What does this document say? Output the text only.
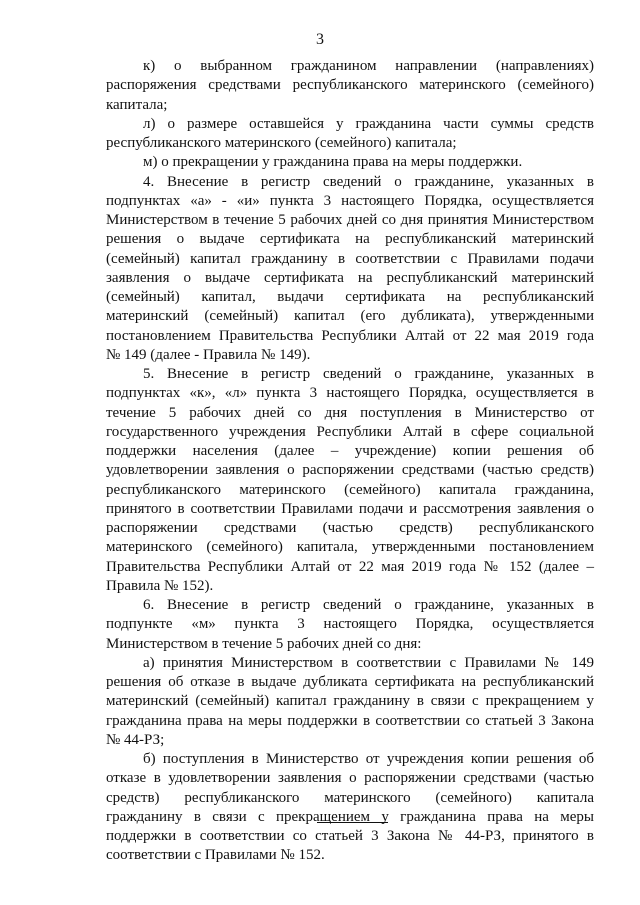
3

к) о выбранном гражданином направлении (направлениях)
распоряжения средствами республиканского материнского (семейного)
капитала;

л) о размере оставшейся у гражданина части суммы средств
республиканского материнского (семейного) капитала;

м) о прекращении у гражданина права на меры поддержки.

4. Внесение в регистр сведений о гражданине, указанных в
подпунктах «а» - «и» пункта 3 настоящего Порядка, осуществляется
Министерством в течение 5 рабочих дней со дня принятия Министерством
решения о выдаче сертификата на республиканский материнский
(семейный) капитал гражданину в соответствии с Правилами подачи
заявления о выдаче сертификата на республиканский материнский
(семейный) капитал, выдачи сертификата на республиканский
материнский (семейный) капитал (его дубликата), утвержденными
постановлением Правительства Республики Алтай от 22 мая 2019 года
№ 149 (далее - Правила № 149).

5. Внесение в регистр сведений о гражданине, указанных в
подпунктах «к», «л» пункта 3 настоящего Порядка, осуществляется в
течение 5 рабочих дней со дня поступления в Министерство от
государственного учреждения Республики Алтай в сфере социальной
поддержки населения (далее – учреждение) копии решения об
удовлетворении заявления о распоряжении средствами (частью средств)
республиканского материнского (семейного) капитала гражданина,
принятого в соответствии Правилами подачи и рассмотрения заявления о
распоряжении средствами (частью средств) республиканского
материнского (семейного) капитала, утвержденными постановлением
Правительства Республики Алтай от 22 мая 2019 года № 152 (далее –
Правила № 152).

6. Внесение в регистр сведений о гражданине, указанных в
подпункте «м» пункта 3 настоящего Порядка, осуществляется
Министерством в течение 5 рабочих дней со дня:

а) принятия Министерством в соответствии с Правилами № 149
решения об отказе в выдаче дубликата сертификата на республиканский
материнский (семейный) капитал гражданину в связи с прекращением у
гражданина права на меры поддержки в соответствии со статьей 3 Закона
№ 44-РЗ;

б) поступления в Министерство от учреждения копии решения об
отказе в удовлетворении заявления о распоряжении средствами (частью
средств) республиканского материнского (семейного) капитала
гражданину в связи с прекращением у гражданина права на меры
поддержки в соответствии со статьей 3 Закона № 44-РЗ, принятого в
соответствии с Правилами № 152.
